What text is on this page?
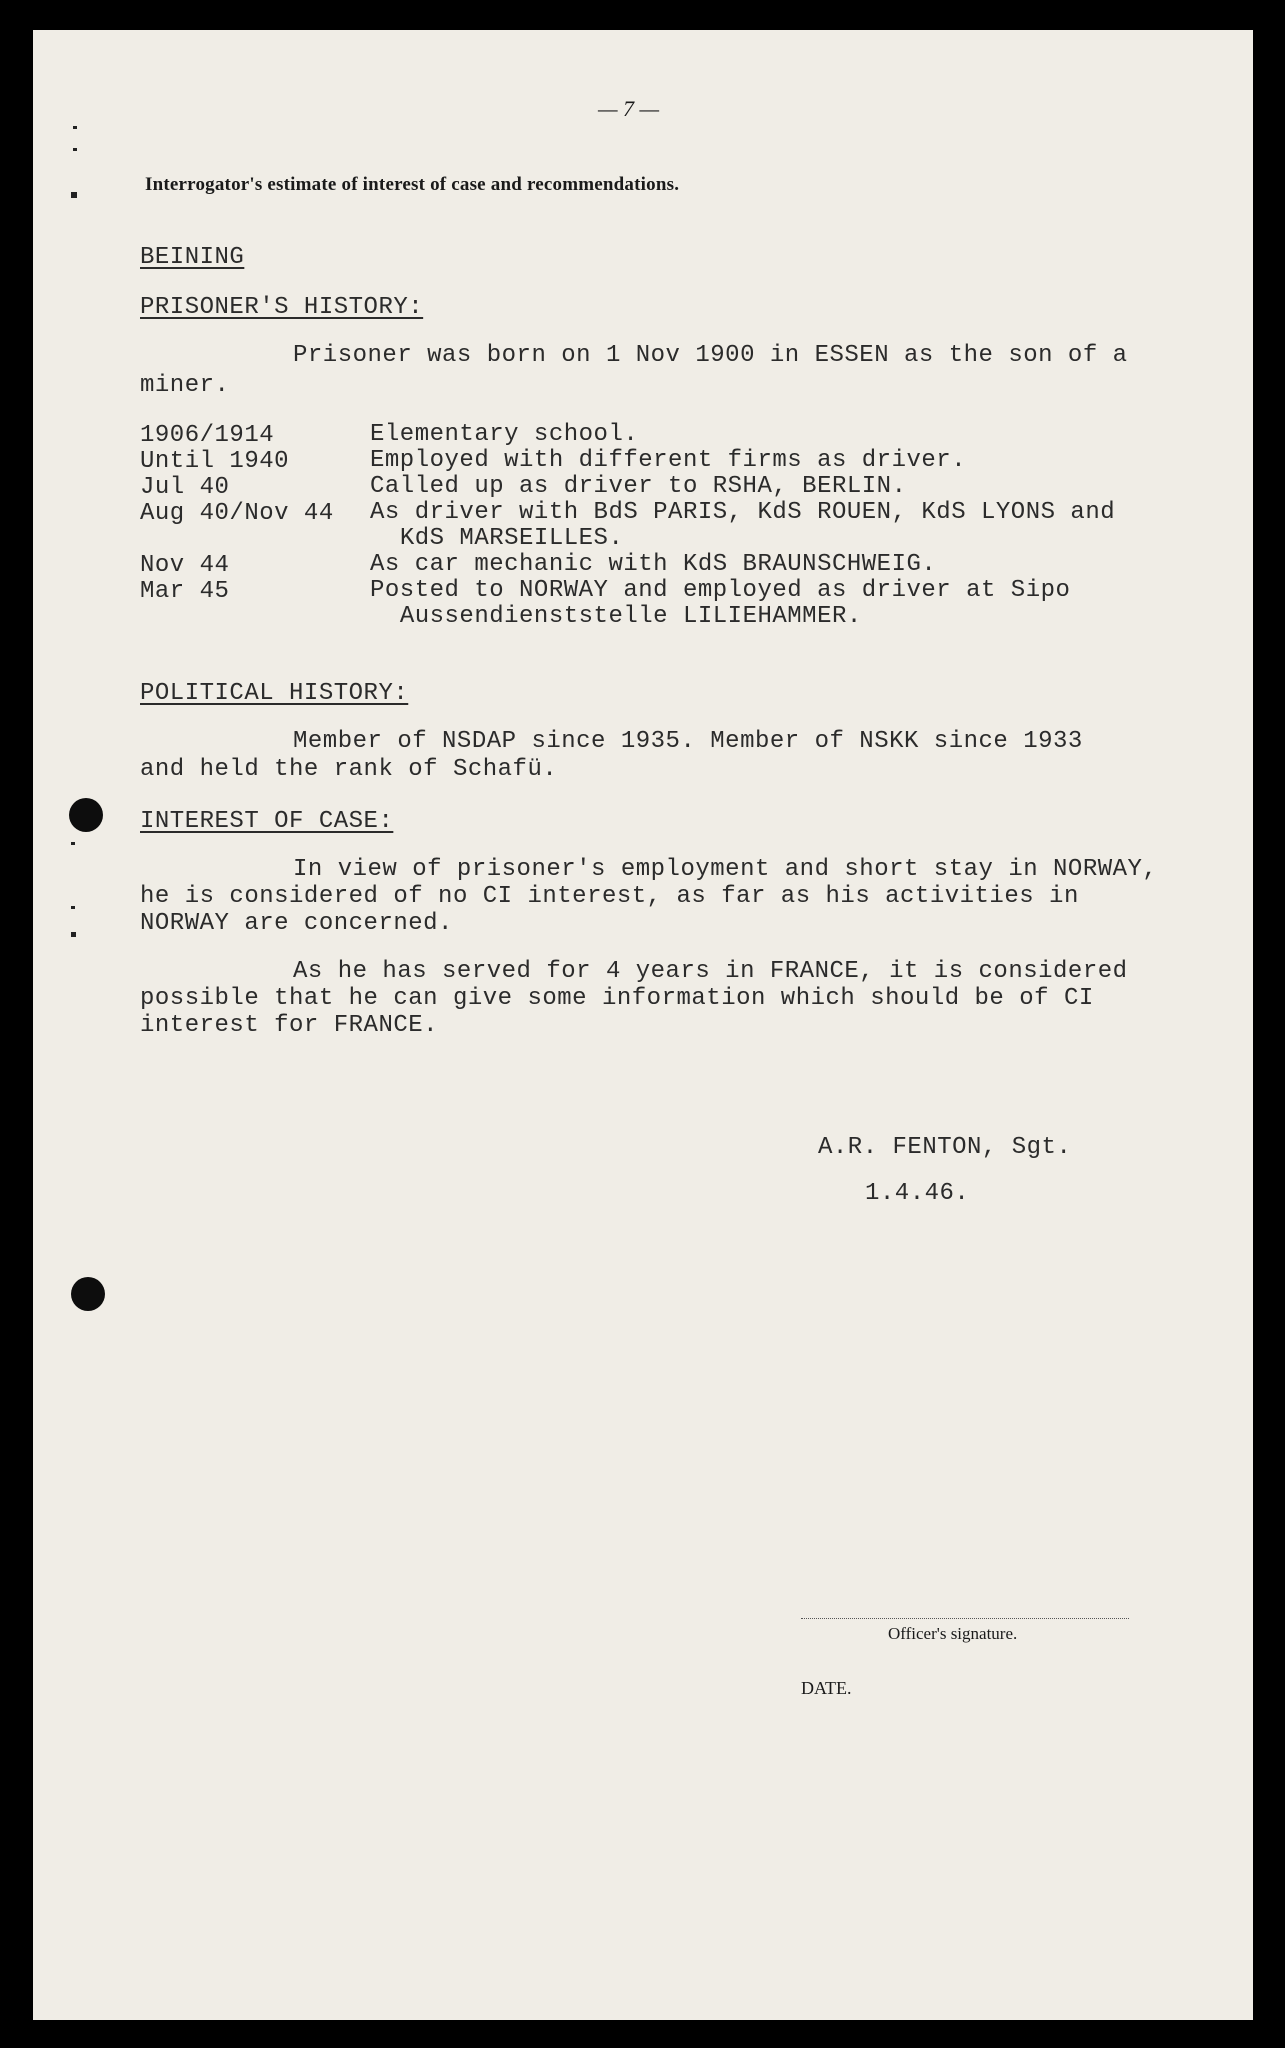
— 7 —

Interrogator's estimate of interest of case and recommendations.

BEINING

PRISONER'S HISTORY:

Prisoner was born on 1 Nov 1900 in ESSEN as the son of a

miner.

1906/1914	Elementary school.
Until 1940	Employed with different firms as driver.
Jul 40	Called up as driver to RSHA, BERLIN.
Aug 40/Nov 44 As driver with BdS PARIS, KdS ROUEN, KdS LYONS and
KdS MARSEILLES.
Nov 44	As car mechanic with KdS BRAUNSCHWEIG.
Mar 45	Posted to NORWAY and employed as driver at Sipo
Aussendienststelle LILIEHAMMER.

POLITICAL HISTORY:

Member of NSDAP since 1935. Member of NSKK since 1933

and held the rank of Schafü.

INTEREST OF CASE:

In view of prisoner's employment and short stay in NORWAY,

he is considered of no CI interest, as far as his activities in

NORWAY are concerned.

As he has served for 4 years in FRANCE, it is considered

possible that he can give some information which should be of CI

interest for FRANCE.

A.R. FENTON, Sgt.

1.4.46.

Officer's signature.

DATE.
